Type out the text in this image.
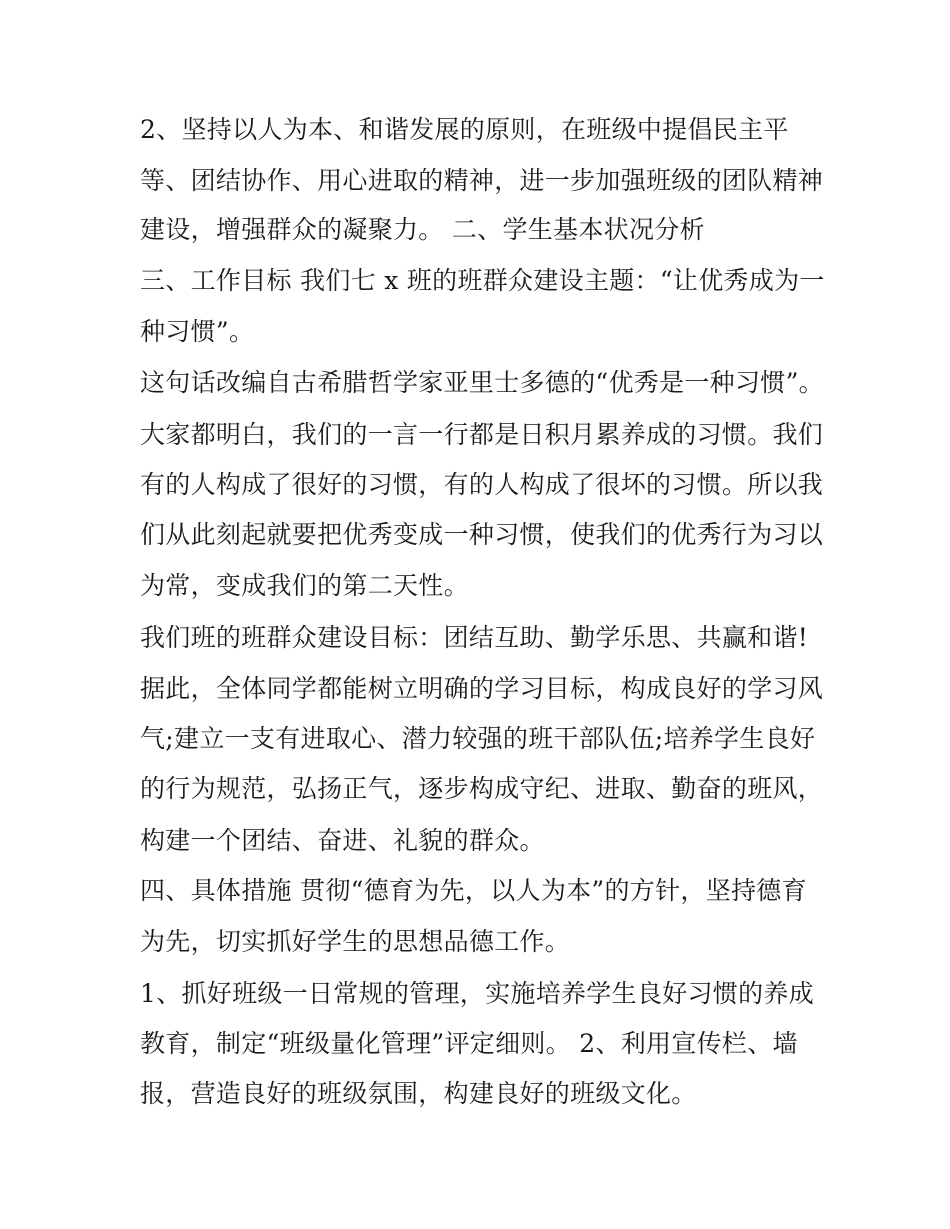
2、坚持以人为本、和谐发展的原则，在班级中提倡民主平
等、团结协作、用心进取的精神，进一步加强班级的团队精神
建设，增强群众的凝聚力。 二、学生基本状况分析
三、工作目标 我们七 x 班的班群众建设主题：“让优秀成为一
种习惯”。
这句话改编自古希腊哲学家亚里士多德的“优秀是一种习惯”。
大家都明白，我们的一言一行都是日积月累养成的习惯。我们
有的人构成了很好的习惯，有的人构成了很坏的习惯。所以我
们从此刻起就要把优秀变成一种习惯，使我们的优秀行为习以
为常，变成我们的第二天性。
我们班的班群众建设目标：团结互助、勤学乐思、共赢和谐!
据此，全体同学都能树立明确的学习目标，构成良好的学习风
气;建立一支有进取心、潜力较强的班干部队伍;培养学生良好
的行为规范，弘扬正气，逐步构成守纪、进取、勤奋的班风，
构建一个团结、奋进、礼貌的群众。
四、具体措施 贯彻“德育为先，以人为本”的方针，坚持德育
为先，切实抓好学生的思想品德工作。
1、抓好班级一日常规的管理，实施培养学生良好习惯的养成
教育，制定“班级量化管理”评定细则。 2、利用宣传栏、墙
报，营造良好的班级氛围，构建良好的班级文化。
